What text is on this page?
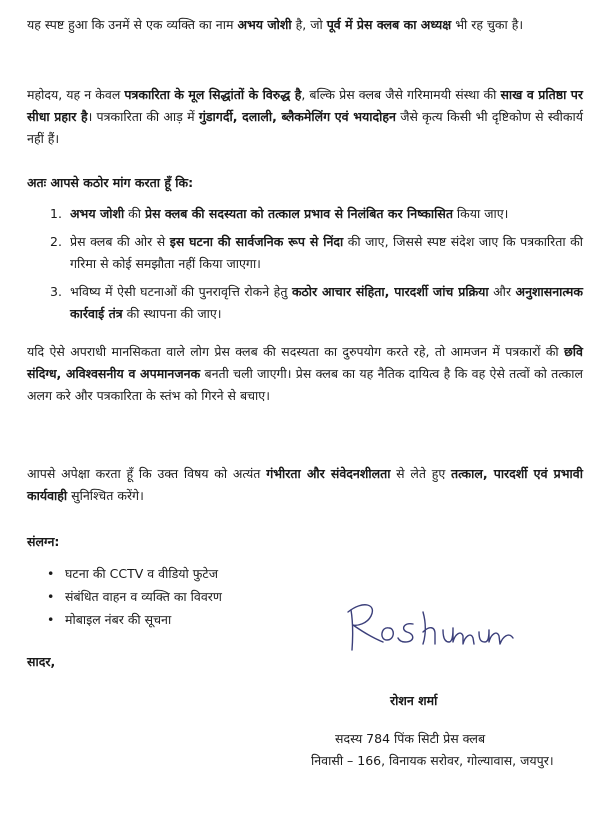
यह स्पष्ट हुआ कि उनमें से एक व्यक्ति का नाम अभय जोशी है, जो पूर्व में प्रेस क्लब का अध्यक्ष भी रह चुका है।

महोदय, यह न केवल पत्रकारिता के मूल सिद्धांतों के विरुद्ध है, बल्कि प्रेस क्लब जैसे गरिमामयी संस्था की साख व प्रतिष्ठा पर सीधा प्रहार है। पत्रकारिता की आड़ में गुंडागर्दी, दलाली, ब्लैकमेलिंग एवं भयादोहन जैसे कृत्य किसी भी दृष्टिकोण से स्वीकार्य नहीं हैं।

अतः आपसे कठोर मांग करता हूँ कि:
1. अभय जोशी की प्रेस क्लब की सदस्यता को तत्काल प्रभाव से निलंबित कर निष्कासित किया जाए।
2. प्रेस क्लब की ओर से इस घटना की सार्वजनिक रूप से निंदा की जाए, जिससे स्पष्ट संदेश जाए कि पत्रकारिता की गरिमा से कोई समझौता नहीं किया जाएगा।
3. भविष्य में ऐसी घटनाओं की पुनरावृत्ति रोकने हेतु कठोर आचार संहिता, पारदर्शी जांच प्रक्रिया और अनुशासनात्मक कार्रवाई तंत्र की स्थापना की जाए।

यदि ऐसे अपराधी मानसिकता वाले लोग प्रेस क्लब की सदस्यता का दुरुपयोग करते रहे, तो आमजन में पत्रकारों की छवि संदिग्ध, अविश्वसनीय व अपमानजनक बनती चली जाएगी। प्रेस क्लब का यह नैतिक दायित्व है कि वह ऐसे तत्वों को तत्काल अलग करे और पत्रकारिता के स्तंभ को गिरने से बचाए।

आपसे अपेक्षा करता हूँ कि उक्त विषय को अत्यंत गंभीरता और संवेदनशीलता से लेते हुए तत्काल, पारदर्शी एवं प्रभावी कार्यवाही सुनिश्चित करेंगे।

संलग्न:
• घटना की CCTV व वीडियो फुटेज
• संबंधित वाहन व व्यक्ति का विवरण
• मोबाइल नंबर की सूचना
सादर,
रोशन शर्मा
सदस्य 784 पिंक सिटी प्रेस क्लब
निवासी – 166, विनायक सरोवर, गोल्यावास, जयपुर।
